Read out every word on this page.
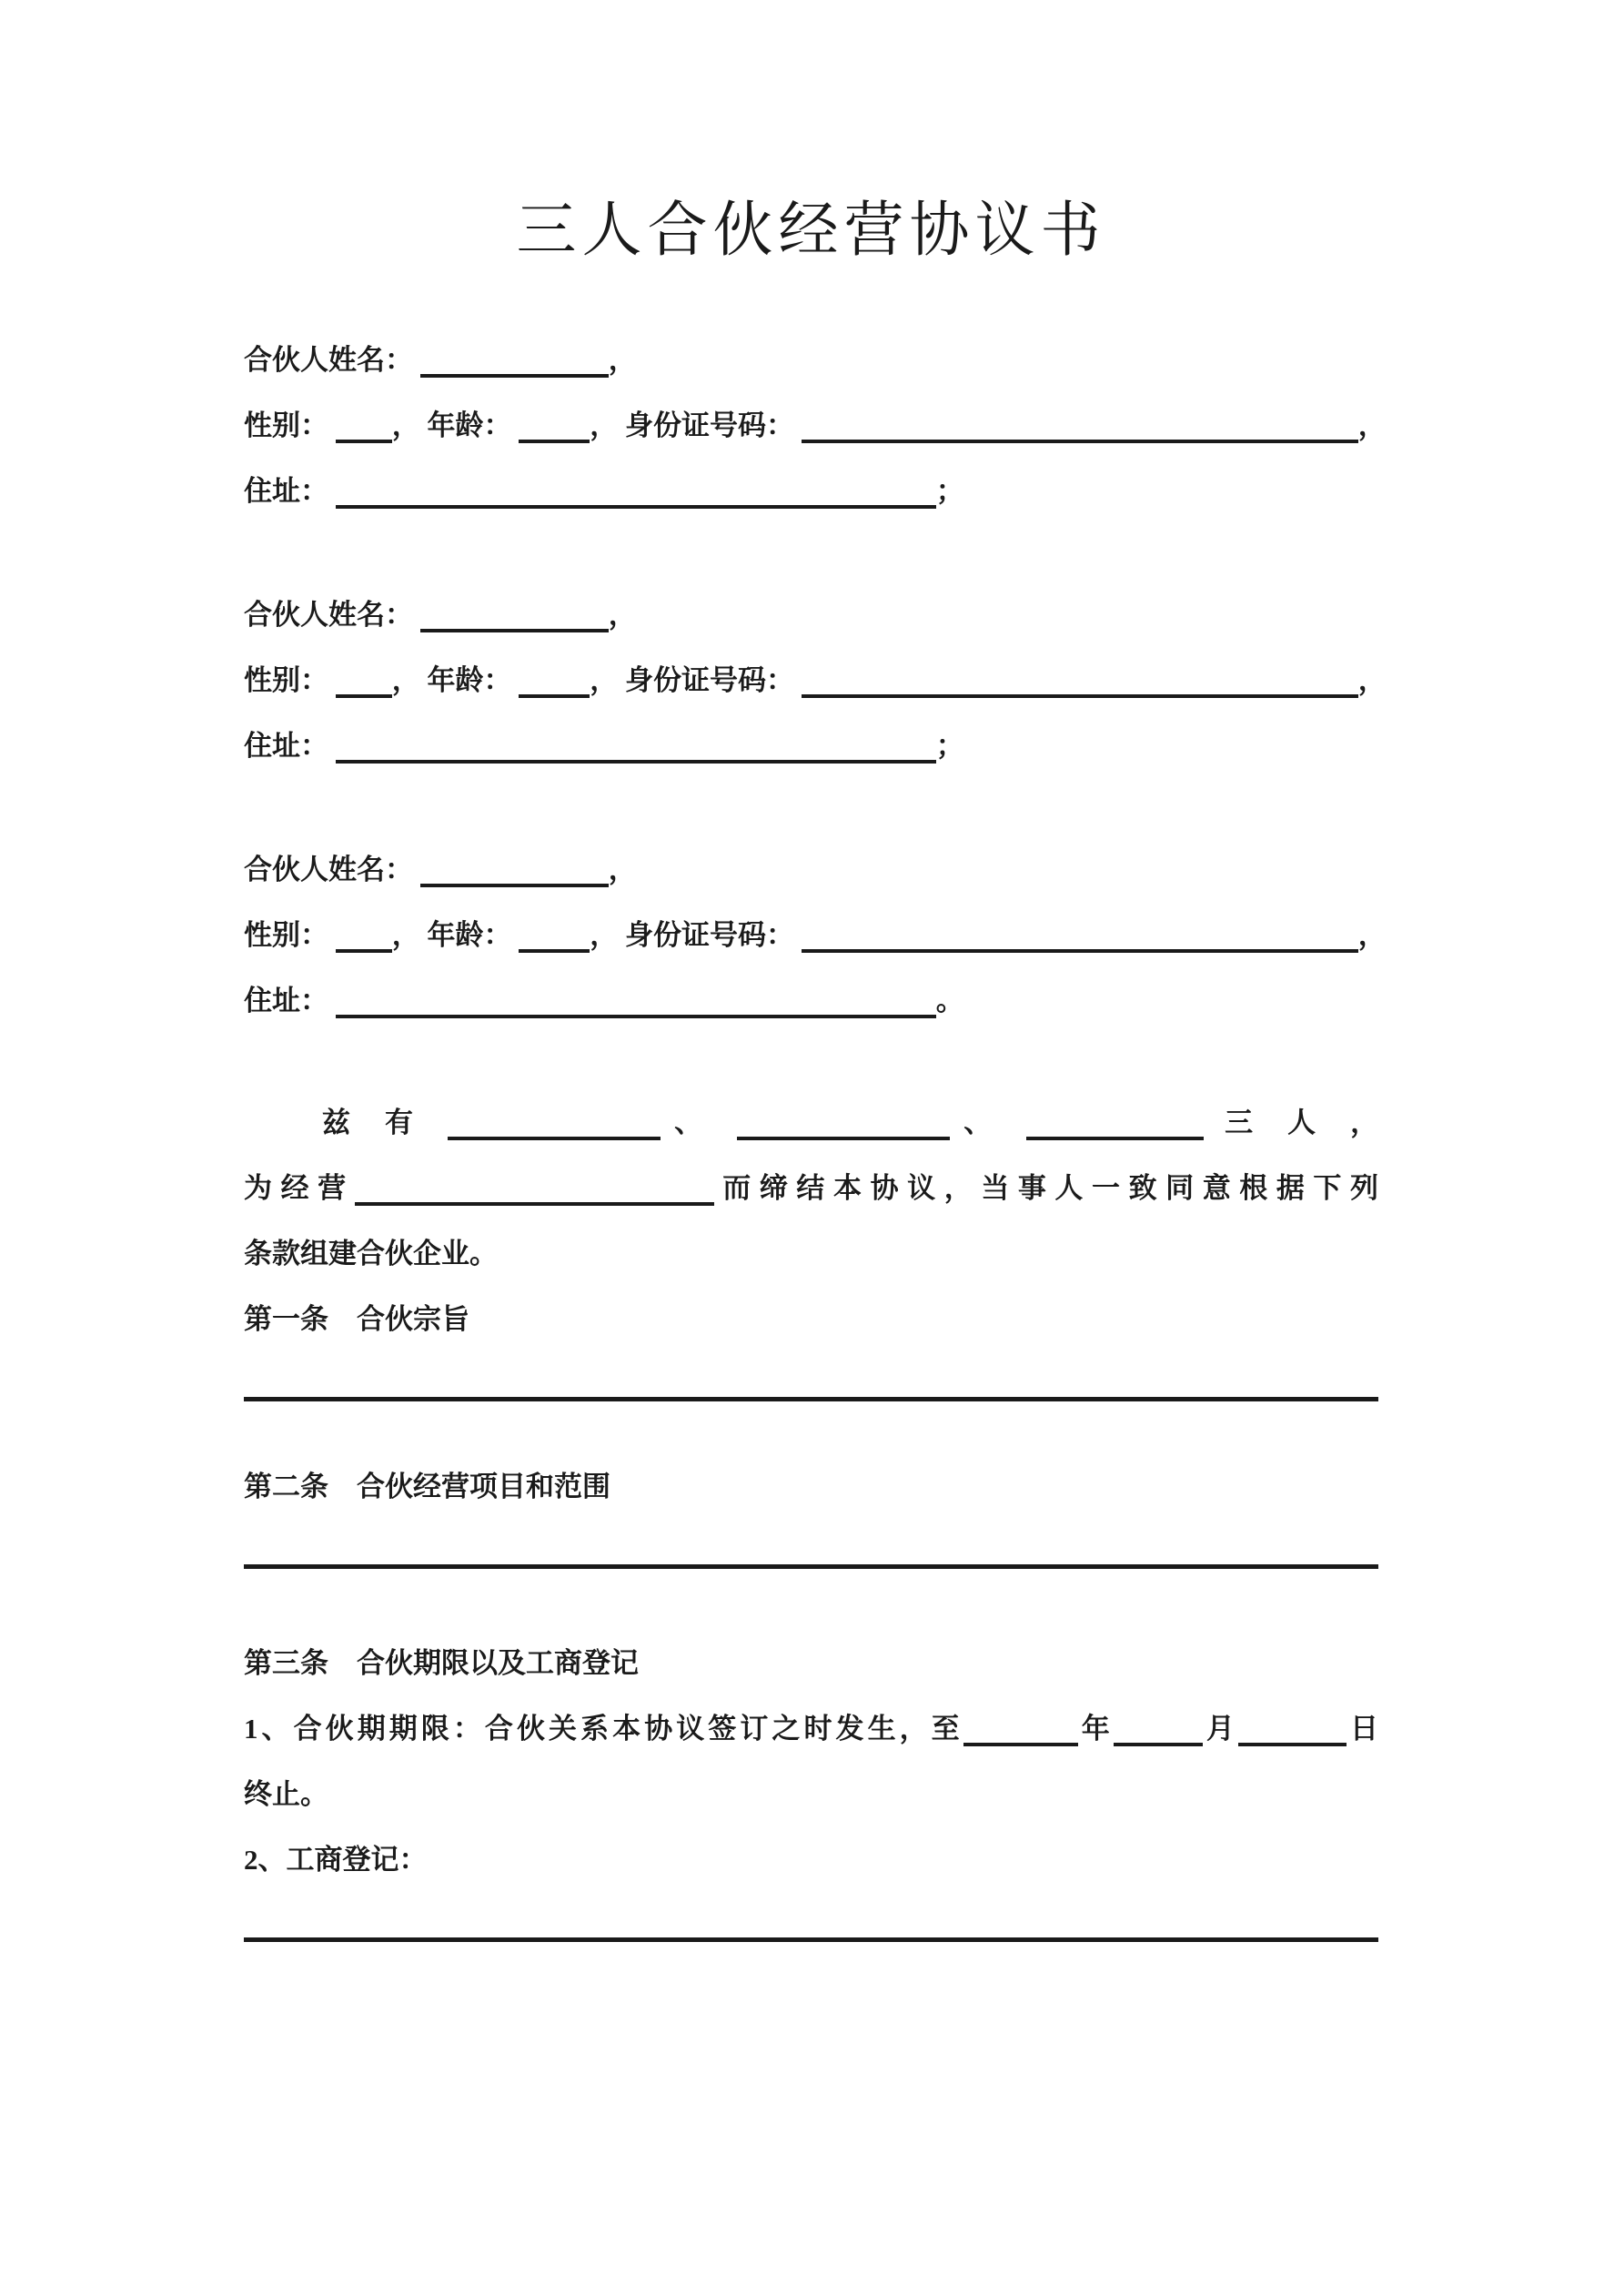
三人合伙经营协议书
合伙人姓名：	，
性别： ， 年龄：	， 身份证号码：	，
住址：	；
合伙人姓名：	，
性别： ， 年龄：	， 身份证号码：	，
住址：	；
合伙人姓名：	，
性别： ， 年龄：	， 身份证号码：	，
住址：	。
兹 有	、	、	三 人 ，
为经营	而缔结本协议，当事人一致同意根据下列
条款组建合伙企业。
第一条　合伙宗旨
第二条　合伙经营项目和范围
第三条　合伙期限以及工商登记
1、合伙期期限：合伙关系本协议签订之时发生，至	年	月	日
终止。
2、工商登记：
